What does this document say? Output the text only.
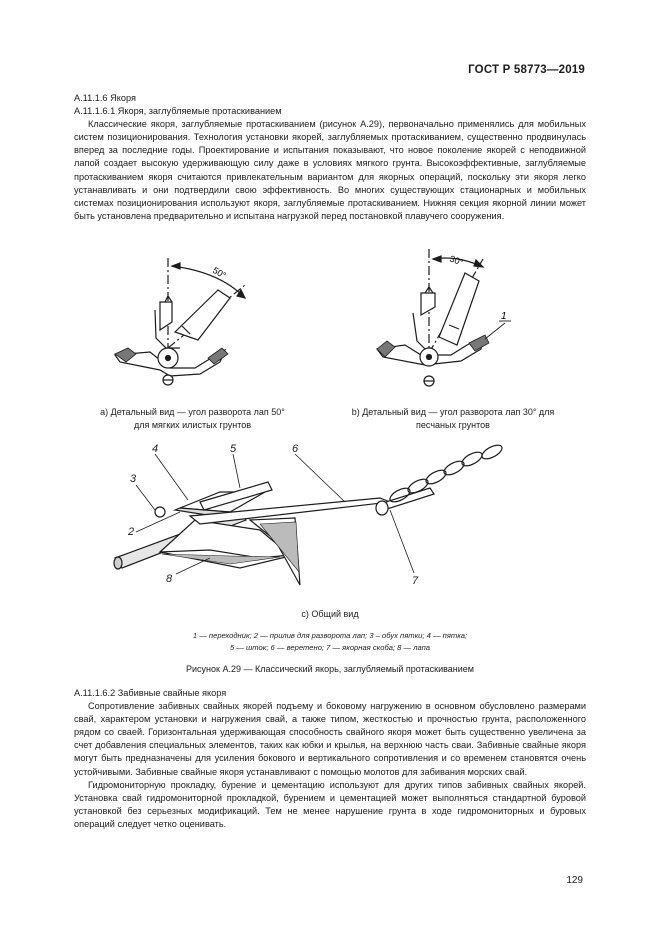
ГОСТ Р 58773—2019

А.11.1.6 Якоря

А.11.1.6.1 Якоря, заглубляемые протаскиванием

Классические якоря, заглубляемые протаскиванием (рисунок А.29), первоначально применялись для мобильных систем позиционирования. Технология установки якорей, заглубляемых протаскиванием, существенно продвинулась вперед за последние годы. Проектирование и испытания показывают, что новое поколение якорей с неподвижной лапой создает высокую удерживающую силу даже в условиях мягкого грунта. Высокоэффективные, заглубляемые протаскиванием якоря считаются привлекательным вариантом для якорных операций, поскольку эти якоря легко устанавливать и они подтвердили свою эффективность. Во многих существующих стационарных и мобильных системах позиционирования используют якоря, заглубляемые протаскиванием. Нижняя секция якорной линии может быть установлена предварительно и испытана нагрузкой перед постановкой плавучего сооружения.

50°
30°
1
а) Детальный вид — угол разворота лап 50°
для мягких илистых грунтов
b) Детальный вид — угол разворота лап 30° для
песчаных грунтов
3
2
4	5	6
7
8
с) Общий вид
1 — переходник; 2 — прилив для разворота лап; 3 – обух пятки; 4 — пятка;
5 — шток; 6 — веретено; 7 — якорная скоба; 8 — лапа
Рисунок А.29 — Классический якорь, заглубляемый протаскиванием

А.11.1.6.2 Забивные свайные якоря

Сопротивление забивных свайных якорей подъему и боковому нагружению в основном обусловлено размерами свай, характером установки и нагружения свай, а также типом, жесткостью и прочностью грунта, расположенного рядом со сваей. Горизонтальная удерживающая способность свайного якоря может быть существенно увеличена за счет добавления специальных элементов, таких как юбки и крылья, на верхнюю часть сваи. Забивные свайные якоря могут быть предназначены для усиления бокового и вертикального сопротивления и со временем становятся очень устойчивыми. Забивные свайные якоря устанавливают с помощью молотов для забивания морских свай.

Гидромониторную прокладку, бурение и цементацию используют для других типов забивных свайных якорей. Установка свай гидромониторной прокладкой, бурением и цементацией может выполняться стандартной буровой установкой без серьезных модификаций. Тем не менее нарушение грунта в ходе гидромониторных и буровых операций следует четко оценивать.

129
